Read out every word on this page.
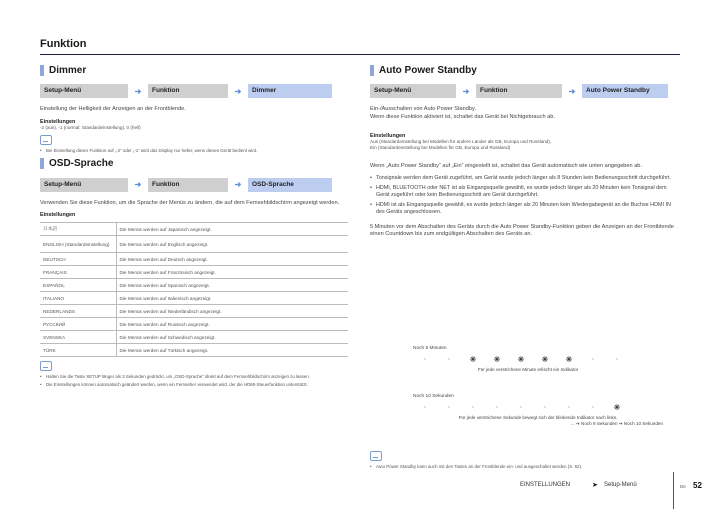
Funktion
Dimmer
Setup-Menü	➜	Funktion	➜	Dimmer
Einstellung der Helligkeit der Anzeigen an der Frontblende.
Einstellungen
-2 (aus), -1 (normal: Standardeinstellung), 0 (hell)
•	Bei Einstellung dieser Funktion auf „-2“ oder „-1“ wird das Display nur heller, wenn dieses Gerät bedient wird.
OSD-Sprache
Setup-Menü	➜	Funktion	➜	OSD-Sprache
Verwenden Sie diese Funktion, um die Sprache der Menüs zu ändern, die auf dem Fernsehbildschirm angezeigt werden.
Einstellungen
日本語	Die Menüs werden auf Japanisch angezeigt.
ENGLISH (Standardeinstellung)	Die Menüs werden auf Englisch angezeigt.
DEUTSCH	Die Menüs werden auf Deutsch angezeigt.
FRANÇAIS	Die Menüs werden auf Französisch angezeigt.
ESPAÑOL	Die Menüs werden auf Spanisch angezeigt.
ITALIANO	Die Menüs werden auf Italienisch angezeigt.
NEDERLANDS	Die Menüs werden auf Niederländisch angezeigt.
РУССКИЙ	Die Menüs werden auf Russisch angezeigt.
SVENSKA	Die Menüs werden auf Schwedisch angezeigt.
TÜRK	Die Menüs werden auf Türkisch angezeigt.
•	Halten Sie die Taste SETUP länger als 3 Sekunden gedrückt, um „OSD-Sprache“ direkt auf dem Fernsehbildschirm anzeigen zu lassen.
•	Die Einstellungen können automatisch geändert werden, wenn ein Fernseher verwendet wird, der die HDMI-Steuerfunktion unterstützt.
Auto Power Standby
Setup-Menü	➜	Funktion	➜	Auto Power Standby
Ein-/Ausschalten von Auto Power Standby.
Wenn diese Funktion aktiviert ist, schaltet das Gerät bei Nichtgebrauch ab.
Einstellungen
Aus (Standardeinstellung bei Modellen für andere Länder als GB, Europa und Russland),
Ein (Standardeinstellung bei Modellen für GB, Europa und Russland)
Wenn „Auto Power Standby“ auf „Ein“ eingestellt ist, schaltet das Gerät automatisch wie unten angegeben ab.
• Tonsignale werden dem Gerät zugeführt, am Gerät wurde jedoch länger als 8 Stunden kein Bedienungsschritt durchgeführt.
• HDMI, BLUETOOTH oder NET ist als Eingangsquelle gewählt, es wurde jedoch länger als 20 Minuten kein Tonsignal dem Gerät zugeführt oder kein Bedienungsschritt am Gerät durchgeführt.
• HDMI ist als Eingangsquelle gewählt, es wurde jedoch länger als 20 Minuten kein Wiedergabegerät an die Buchse HDMI IN des Geräts angeschlossen.
5 Minuten vor dem Abschalten des Geräts durch die Auto Power Standby-Funktion geben die Anzeigen an der Frontblende einen Countdown bis zum endgültigen Abschalten des Geräts an.
Noch 5 Minuten
▫	▫	✳	✳	✳	✳	✳	▫	▫
Für jede verstrichene Minute erlischt ein Indikator
Noch 10 Sekunden
▫	▫	▫	▫	▫	▫	▫	▫	✳
Für jede verstrichene Sekunde bewegt sich der blinkende Indikator nach links.
... ➔ Noch 9 Sekunden ➔ Noch 10 Sekunden
•	Auto Power Standby kann auch mit den Tasten an der Frontblende ein- und ausgeschaltet werden (S. 62).
EINSTELLUNGEN	➤ Setup-Menü	De 52
